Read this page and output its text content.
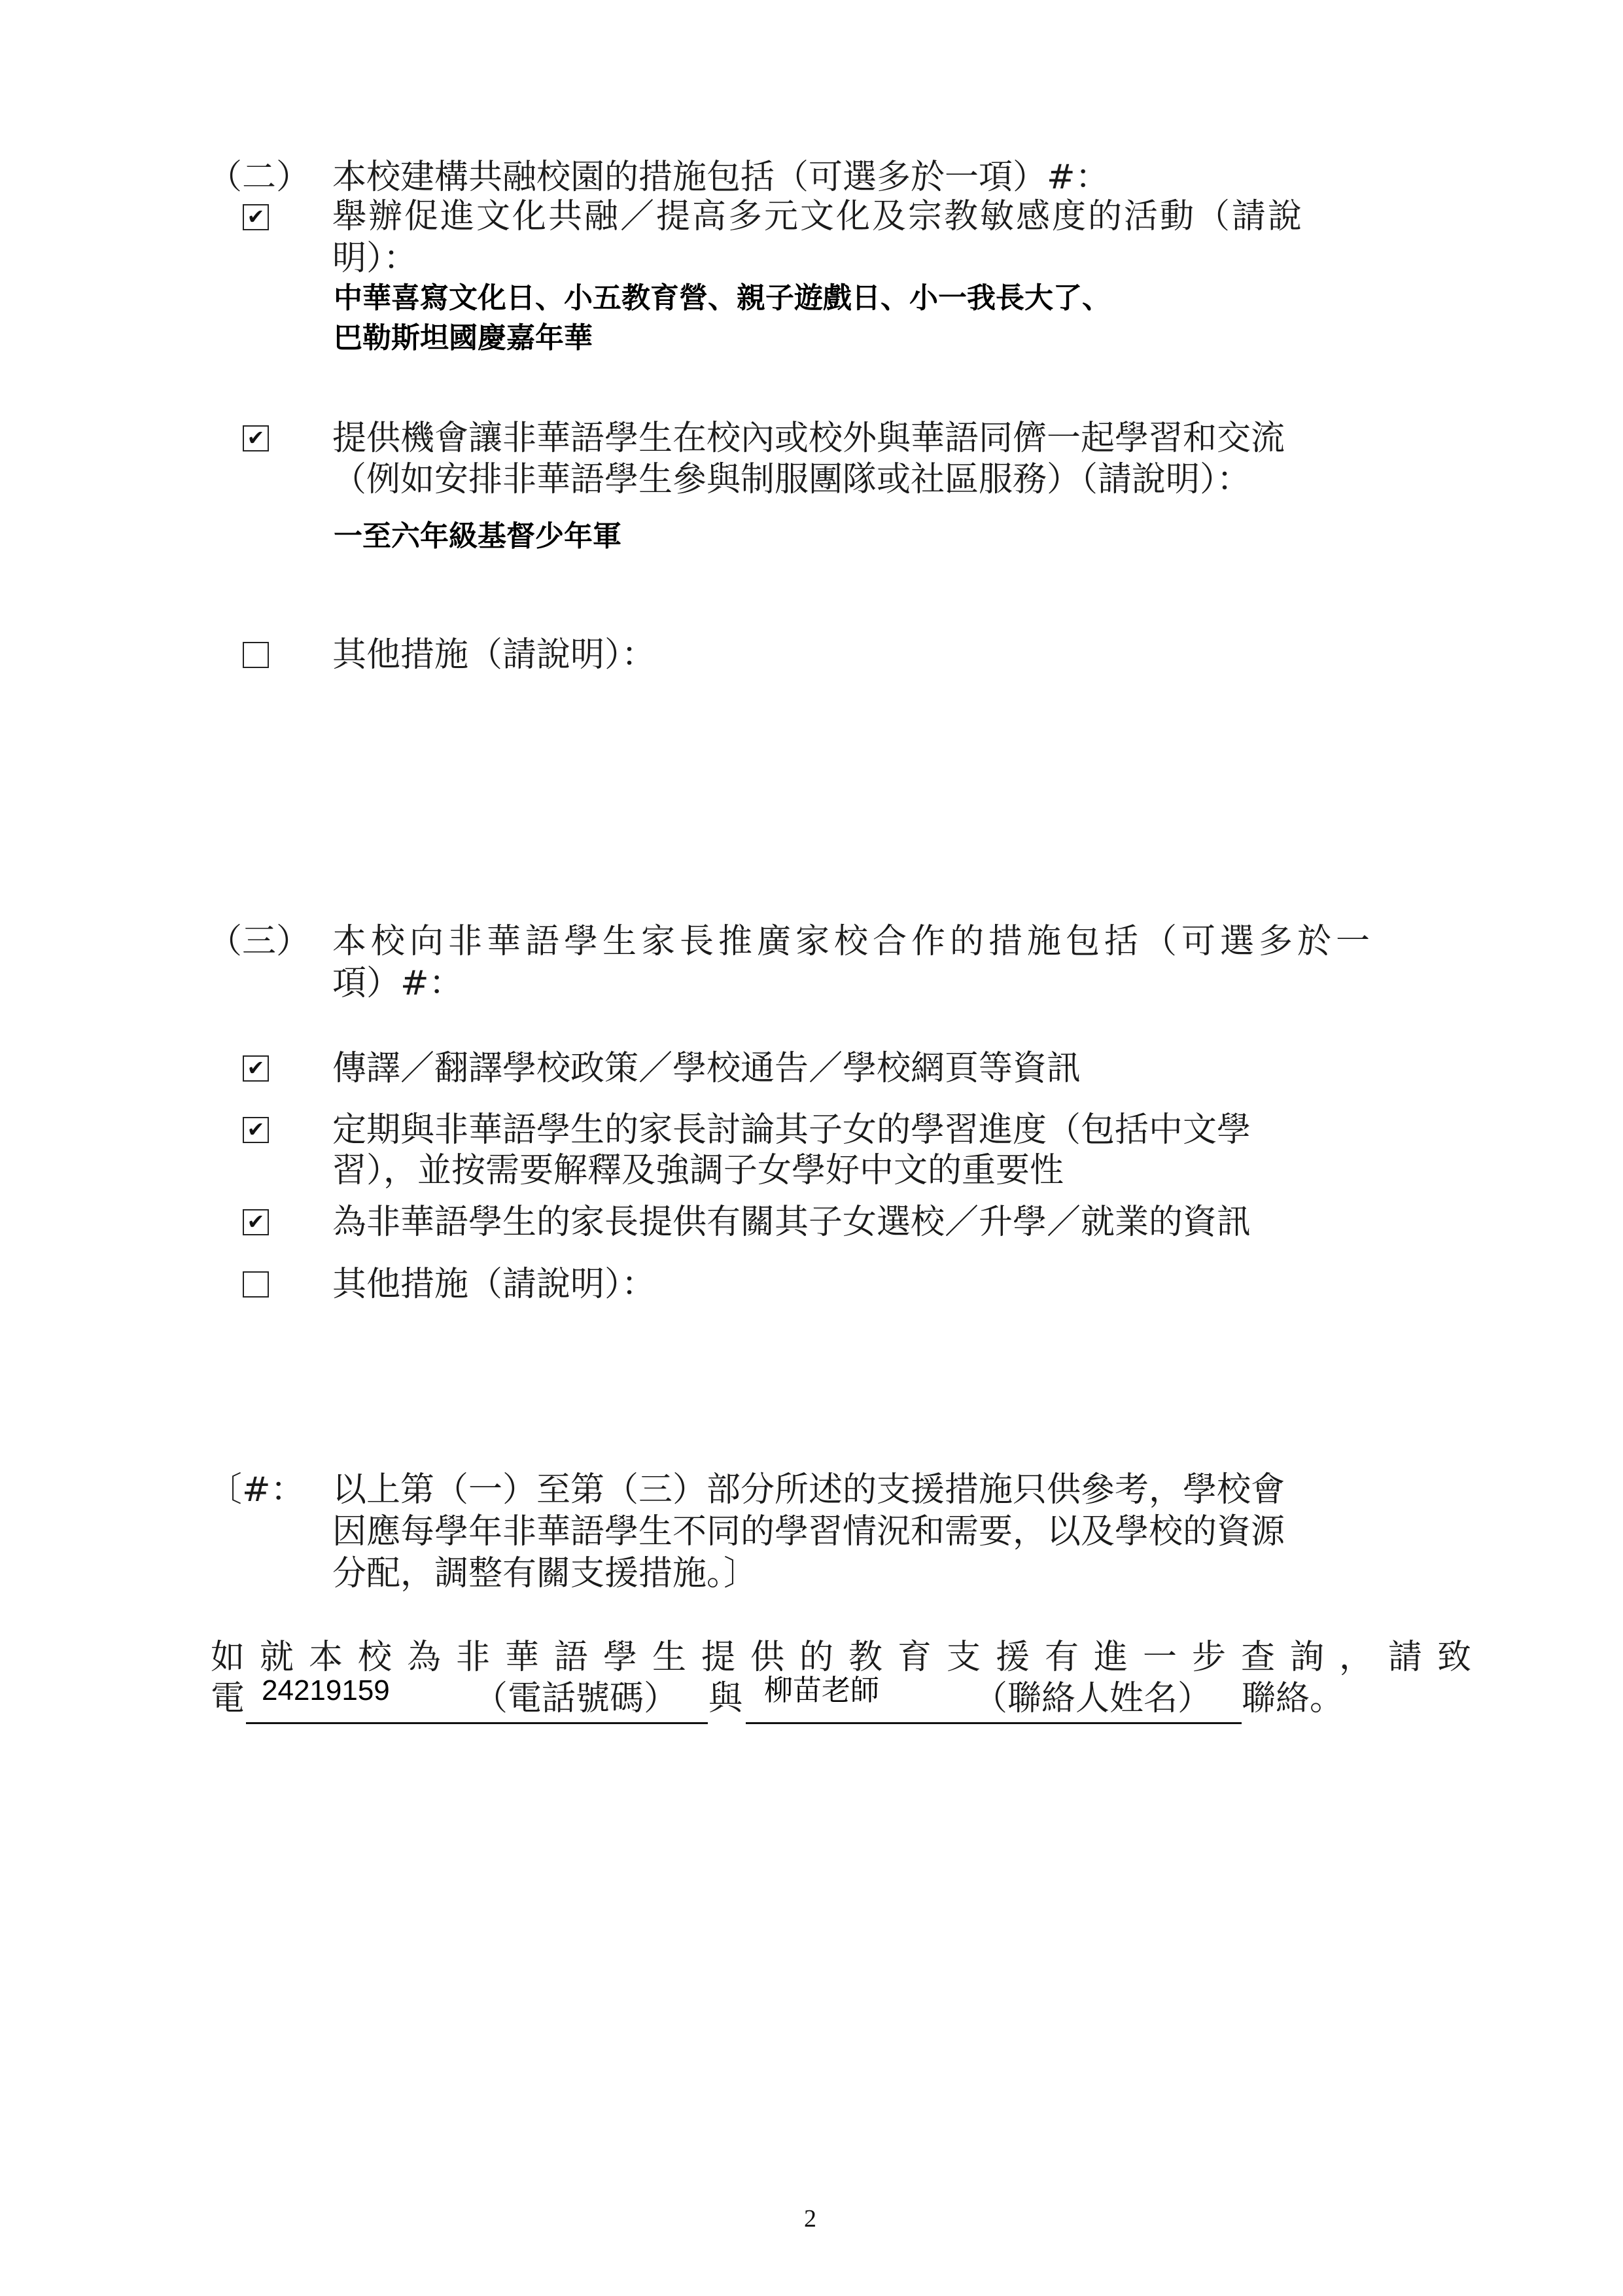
（二） 本校建構共融校園的措施包括（可選多於一項）#：
✔ 舉辦促進文化共融／提高多元文化及宗教敏感度的活動（請說
明）：
中華喜寫文化日、小五教育營、親子遊戲日、小一我長大了、
巴勒斯坦國慶嘉年華
✔ 提供機會讓非華語學生在校內或校外與華語同儕一起學習和交流
（例如安排非華語學生參與制服團隊或社區服務）（請說明）：
一至六年級基督少年軍
其他措施（請說明）：
（三） 本校向非華語學生家長推廣家校合作的措施包括（可選多於一
項）#：
✔ 傳譯／翻譯學校政策／學校通告／學校網頁等資訊
✔ 定期與非華語學生的家長討論其子女的學習進度（包括中文學
習），並按需要解釋及強調子女學好中文的重要性
✔ 為非華語學生的家長提供有關其子女選校／升學／就業的資訊
其他措施（請說明）：
〔#： 以上第（一）至第（三）部分所述的支援措施只供參考，學校會
因應每學年非華語學生不同的學習情況和需要，以及學校的資源
分配，調整有關支援措施。〕
如就本校為非華語學生提供的教育支援有進一步查詢，請致
電 24219159 （電話號碼） 與 柳苗老師	（聯絡人姓名） 聯絡。
2
